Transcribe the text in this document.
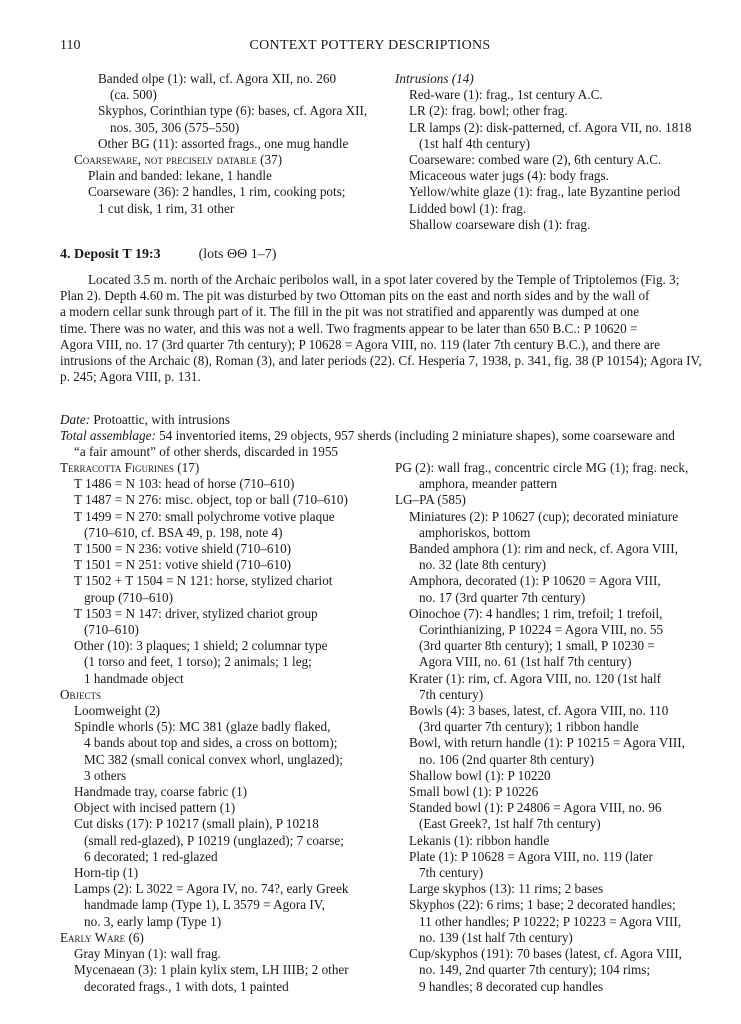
110	CONTEXT POTTERY DESCRIPTIONS
Banded olpe (1): wall, cf. Agora XII, no. 260
(ca. 500)
Skyphos, Corinthian type (6): bases, cf. Agora XII,
nos. 305, 306 (575–550)
Other BG (11): assorted frags., one mug handle
Coarseware, not precisely datable (37)
Plain and banded: lekane, 1 handle
Coarseware (36): 2 handles, 1 rim, cooking pots;
1 cut disk, 1 rim, 31 other
Intrusions (14)
Red-ware (1): frag., 1st century A.C.
LR (2): frag. bowl; other frag.
LR lamps (2): disk-patterned, cf. Agora VII, no. 1818
(1st half 4th century)
Coarseware: combed ware (2), 6th century A.C.
Micaceous water jugs (4): body frags.
Yellow/white glaze (1): frag., late Byzantine period
Lidded bowl (1): frag.
Shallow coarseware dish (1): frag.
4. Deposit T 19:3	(lots ΘΘ 1–7)
Located 3.5 m. north of the Archaic peribolos wall, in a spot later covered by the Temple of Triptolemos (Fig. 3;
Plan 2). Depth 4.60 m. The pit was disturbed by two Ottoman pits on the east and north sides and by the wall of
a modern cellar sunk through part of it. The fill in the pit was not stratified and apparently was dumped at one
time. There was no water, and this was not a well. Two fragments appear to be later than 650 B.C.: P 10620 =
Agora VIII, no. 17 (3rd quarter 7th century); P 10628 = Agora VIII, no. 119 (later 7th century B.C.), and there are
intrusions of the Archaic (8), Roman (3), and later periods (22). Cf. Hesperia 7, 1938, p. 341, fig. 38 (P 10154); Agora IV,
p. 245; Agora VIII, p. 131.
Date: Protoattic, with intrusions
Total assemblage: 54 inventoried items, 29 objects, 957 sherds (including 2 miniature shapes), some coarseware and
“a fair amount” of other sherds, discarded in 1955
Terracotta Figurines (17)
T 1486 = N 103: head of horse (710–610)
T 1487 = N 276: misc. object, top or ball (710–610)
T 1499 = N 270: small polychrome votive plaque
(710–610, cf. BSA 49, p. 198, note 4)
T 1500 = N 236: votive shield (710–610)
T 1501 = N 251: votive shield (710–610)
T 1502 + T 1504 = N 121: horse, stylized chariot
group (710–610)
T 1503 = N 147: driver, stylized chariot group
(710–610)
Other (10): 3 plaques; 1 shield; 2 columnar type
(1 torso and feet, 1 torso); 2 animals; 1 leg;
1 handmade object
Objects
Loomweight (2)
Spindle whorls (5): MC 381 (glaze badly flaked,
4 bands about top and sides, a cross on bottom);
MC 382 (small conical convex whorl, unglazed);
3 others
Handmade tray, coarse fabric (1)
Object with incised pattern (1)
Cut disks (17): P 10217 (small plain), P 10218
(small red-glazed), P 10219 (unglazed); 7 coarse;
6 decorated; 1 red-glazed
Horn-tip (1)
Lamps (2): L 3022 = Agora IV, no. 74?, early Greek
handmade lamp (Type 1), L 3579 = Agora IV,
no. 3, early lamp (Type 1)
Early Ware (6)
Gray Minyan (1): wall frag.
Mycenaean (3): 1 plain kylix stem, LH IIIB; 2 other
decorated frags., 1 with dots, 1 painted
PG (2): wall frag., concentric circle MG (1); frag. neck,
amphora, meander pattern
LG–PA (585)
Miniatures (2): P 10627 (cup); decorated miniature
amphoriskos, bottom
Banded amphora (1): rim and neck, cf. Agora VIII,
no. 32 (late 8th century)
Amphora, decorated (1): P 10620 = Agora VIII,
no. 17 (3rd quarter 7th century)
Oinochoe (7): 4 handles; 1 rim, trefoil; 1 trefoil,
Corinthianizing, P 10224 = Agora VIII, no. 55
(3rd quarter 8th century); 1 small, P 10230 =
Agora VIII, no. 61 (1st half 7th century)
Krater (1): rim, cf. Agora VIII, no. 120 (1st half
7th century)
Bowls (4): 3 bases, latest, cf. Agora VIII, no. 110
(3rd quarter 7th century); 1 ribbon handle
Bowl, with return handle (1): P 10215 = Agora VIII,
no. 106 (2nd quarter 8th century)
Shallow bowl (1): P 10220
Small bowl (1): P 10226
Standed bowl (1): P 24806 = Agora VIII, no. 96
(East Greek?, 1st half 7th century)
Lekanis (1): ribbon handle
Plate (1): P 10628 = Agora VIII, no. 119 (later
7th century)
Large skyphos (13): 11 rims; 2 bases
Skyphos (22): 6 rims; 1 base; 2 decorated handles;
11 other handles; P 10222; P 10223 = Agora VIII,
no. 139 (1st half 7th century)
Cup/skyphos (191): 70 bases (latest, cf. Agora VIII,
no. 149, 2nd quarter 7th century); 104 rims;
9 handles; 8 decorated cup handles
